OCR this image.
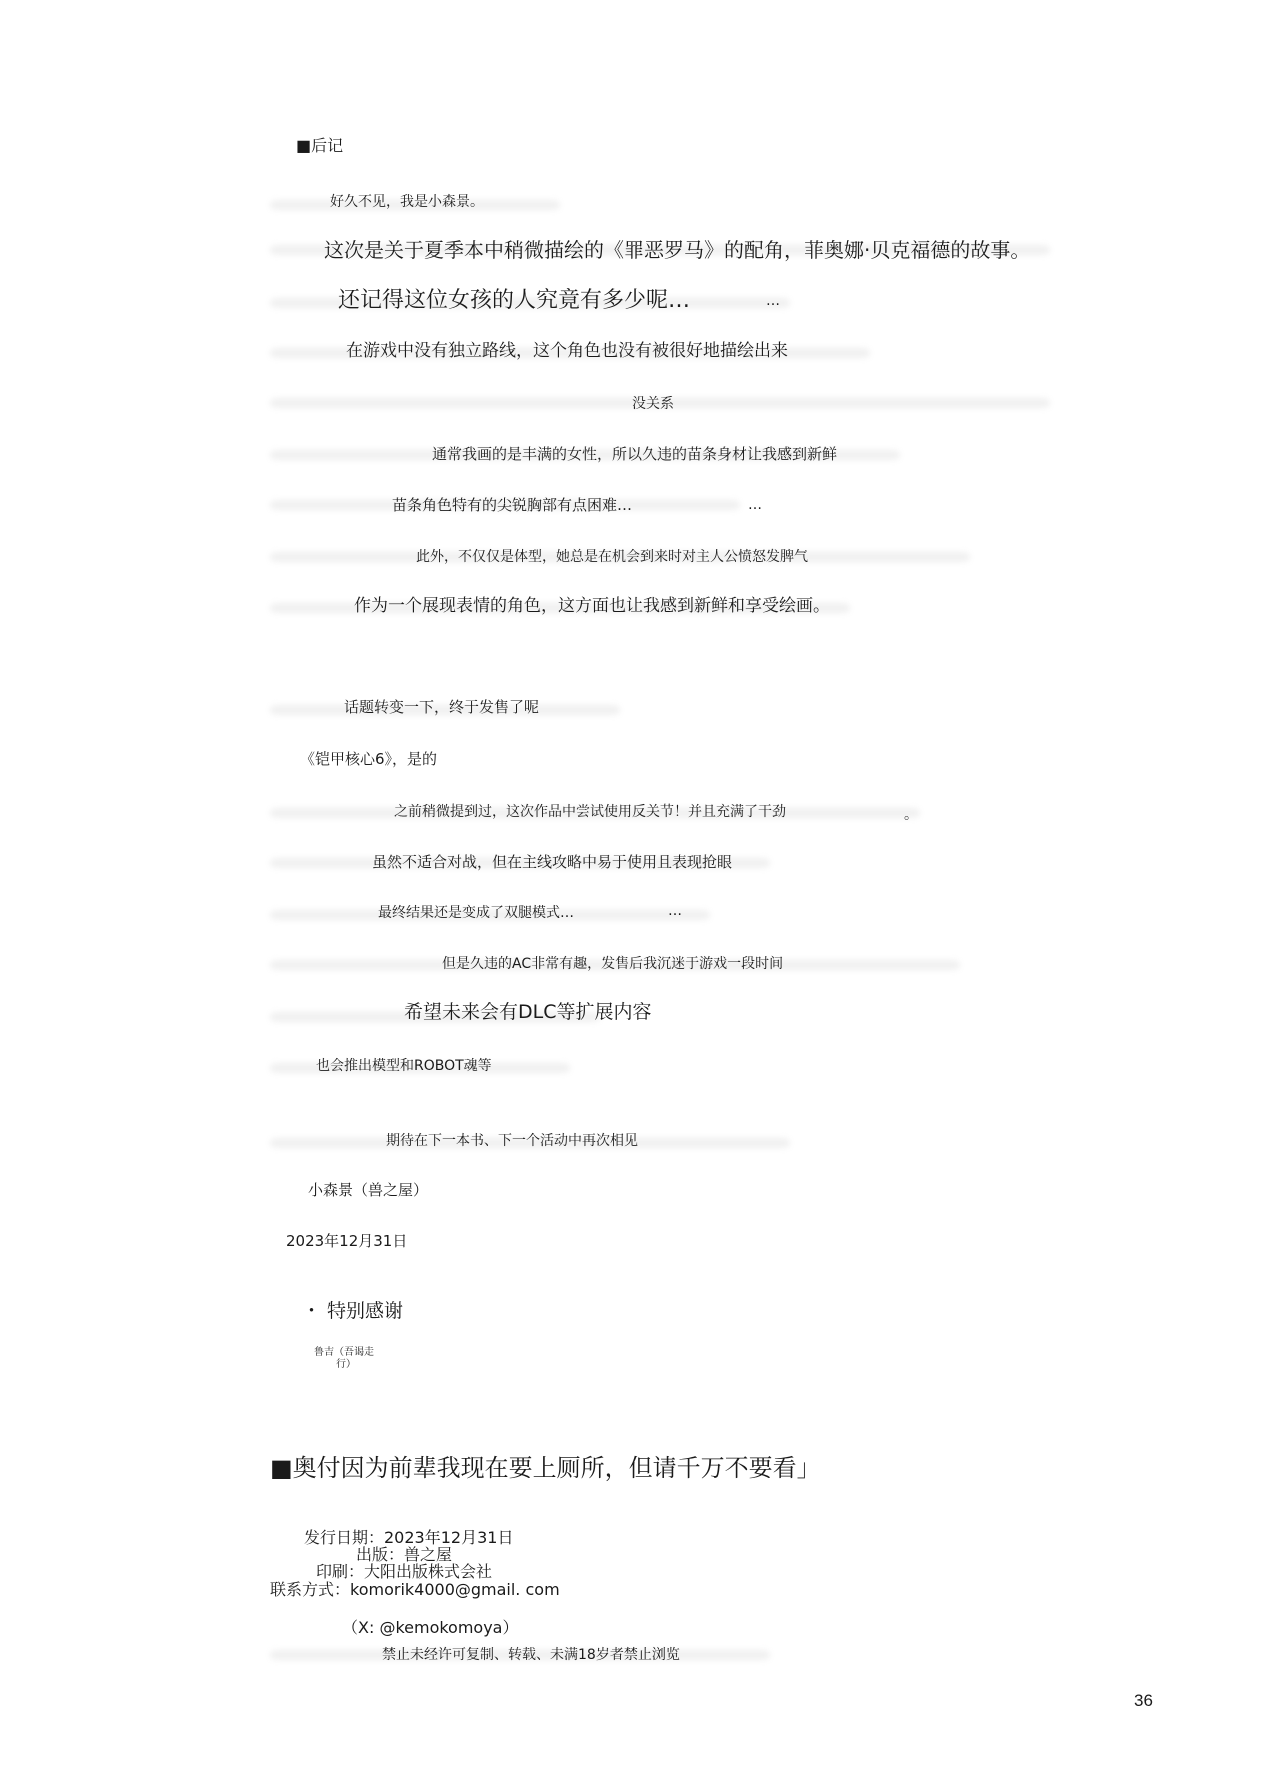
■后记
好久不见，我是小森景。
这次是关于夏季本中稍微描绘的《罪恶罗马》的配角，菲奥娜·贝克福德的故事。
还记得这位女孩的人究竟有多少呢…	…
在游戏中没有独立路线，这个角色也没有被很好地描绘出来
没关系
通常我画的是丰满的女性，所以久违的苗条身材让我感到新鲜
苗条角色特有的尖锐胸部有点困难…	…
此外，不仅仅是体型，她总是在机会到来时对主人公愤怒发脾气
作为一个展现表情的角色，这方面也让我感到新鲜和享受绘画。
话题转变一下，终于发售了呢
《铠甲核心6》，是的
之前稍微提到过，这次作品中尝试使用反关节！并且充满了干劲	。
虽然不适合对战，但在主线攻略中易于使用且表现抢眼
最终结果还是变成了双腿模式…	…
但是久违的AC非常有趣，发售后我沉迷于游戏一段时间
希望未来会有DLC等扩展内容
也会推出模型和ROBOT魂等
期待在下一本书、下一个活动中再次相见
小森景（兽之屋）
2023年12月31日
・ 特别感谢
鲁吉（吾谒走
行）
■奥付因为前辈我现在要上厕所，但请千万不要看」
发行日期：2023年12月31日
出版：兽之屋
印刷：大阳出版株式会社
联系方式：komorik4000@gmail. com
（X: @kemokomoya）
禁止未经许可复制、转载、未满18岁者禁止浏览
36
